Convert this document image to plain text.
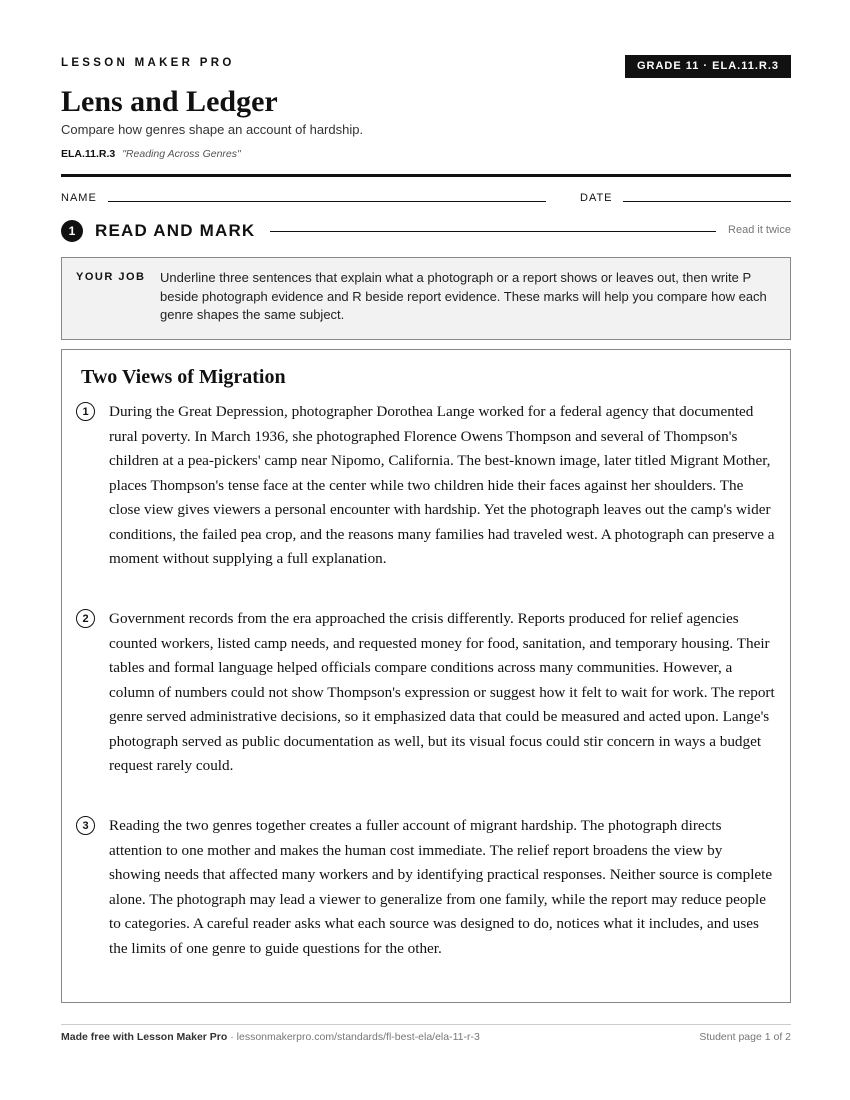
LESSON MAKER PRO	GRADE 11 · ELA.11.R.3
Lens and Ledger
Compare how genres shape an account of hardship.
ELA.11.R.3 "Reading Across Genres"
NAME	DATE
1	READ AND MARK	Read it twice
YOUR JOB Underline three sentences that explain what a photograph or a report shows or leaves out, then write P beside photograph evidence and R beside report evidence. These marks will help you compare how each genre shapes the same subject.
Two Views of Migration
1	During the Great Depression, photographer Dorothea Lange worked for a federal agency that documented rural poverty. In March 1936, she photographed Florence Owens Thompson and several of Thompson's children at a pea-pickers' camp near Nipomo, California. The best-known image, later titled Migrant Mother, places Thompson's tense face at the center while two children hide their faces against her shoulders. The close view gives viewers a personal encounter with hardship. Yet the photograph leaves out the camp's wider conditions, the failed pea crop, and the reasons many families had traveled west. A photograph can preserve a moment without supplying a full explanation.

2	Government records from the era approached the crisis differently. Reports produced for relief agencies counted workers, listed camp needs, and requested money for food, sanitation, and temporary housing. Their tables and formal language helped officials compare conditions across many communities. However, a column of numbers could not show Thompson's expression or suggest how it felt to wait for work. The report genre served administrative decisions, so it emphasized data that could be measured and acted upon. Lange's photograph served as public documentation as well, but its visual focus could stir concern in ways a budget request rarely could.

3	Reading the two genres together creates a fuller account of migrant hardship. The photograph directs attention to one mother and makes the human cost immediate. The relief report broadens the view by showing needs that affected many workers and by identifying practical responses. Neither source is complete alone. The photograph may lead a viewer to generalize from one family, while the report may reduce people to categories. A careful reader asks what each source was designed to do, notices what it includes, and uses the limits of one genre to guide questions for the other.

Made free with Lesson Maker Pro · lessonmakerpro.com/standards/fl-best-ela/ela-11-r-3	Student page 1 of 2
